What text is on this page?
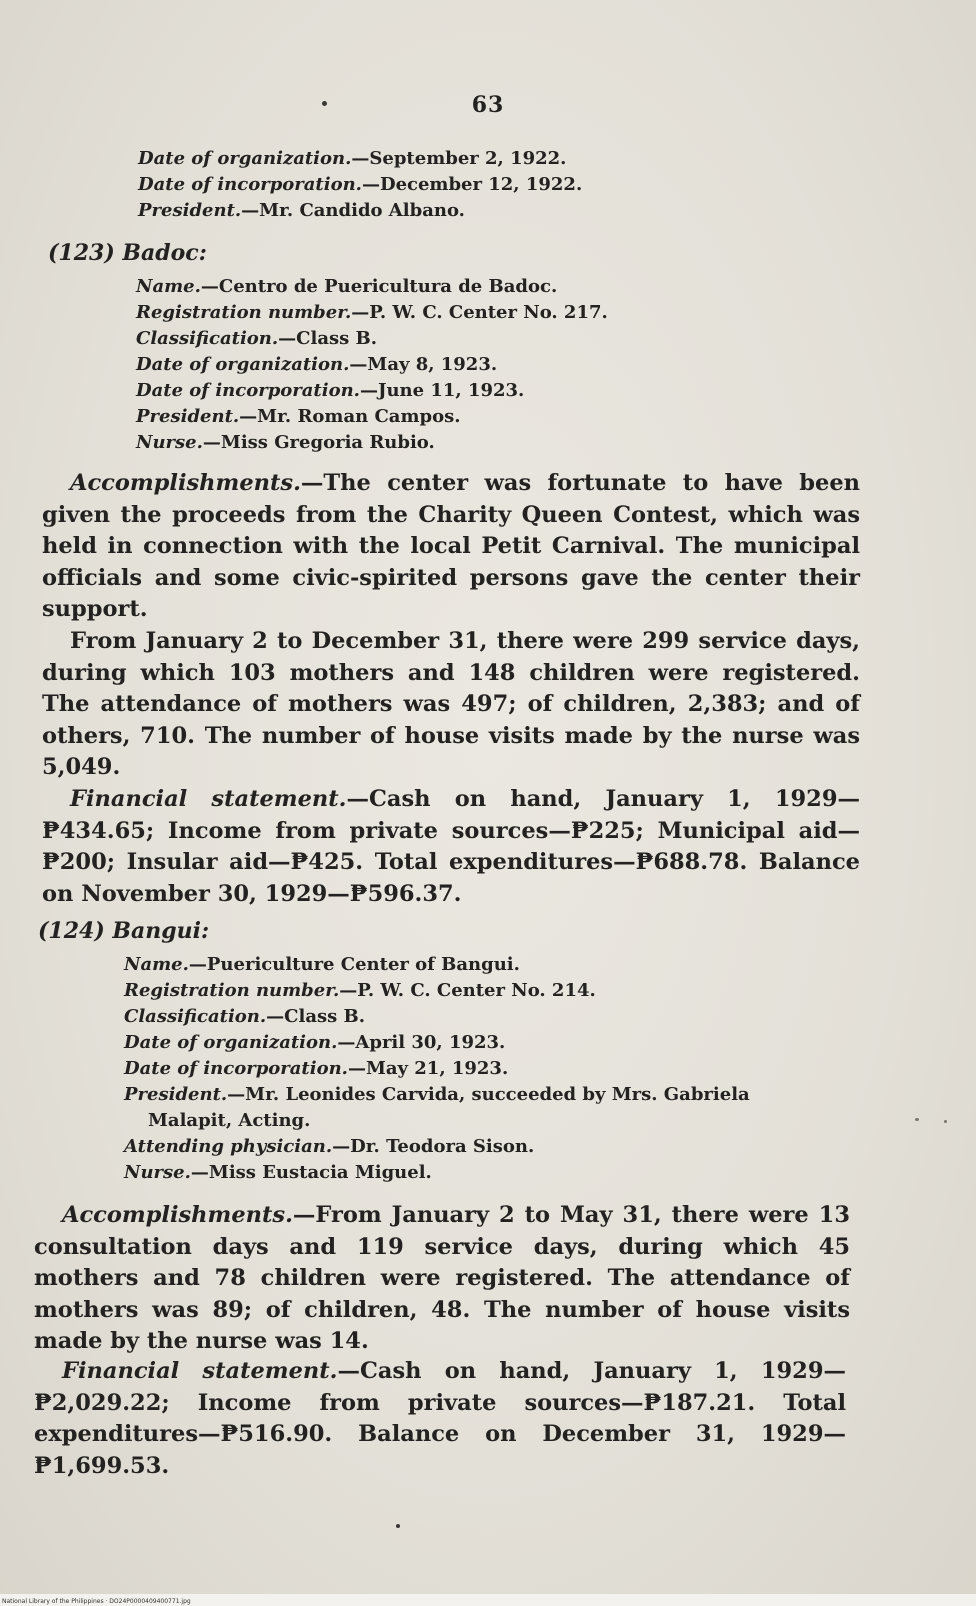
63
Date of organization.—September 2, 1922.
Date of incorporation.—December 12, 1922.
President.—Mr. Candido Albano.
(123) Badoc:
Name.—Centro de Puericultura de Badoc.
Registration number.—P. W. C. Center No. 217.
Classification.—Class B.
Date of organization.—May 8, 1923.
Date of incorporation.—June 11, 1923.
President.—Mr. Roman Campos.
Nurse.—Miss Gregoria Rubio.

Accomplishments.—The center was fortunate to have been given the proceeds from the Charity Queen Contest, which was held in connection with the local Petit Carnival. The municipal officials and some civic-spirited persons gave the center their support.

From January 2 to December 31, there were 299 service days, during which 103 mothers and 148 children were registered. The attendance of mothers was 497; of children, 2,383; and of others, 710. The number of house visits made by the nurse was 5,049.

Financial statement.—Cash on hand, January 1, 1929—₱434.65; Income from private sources—₱225; Municipal aid—₱200; Insular aid—₱425. Total expenditures—₱688.78. Balance on November 30, 1929—₱596.37.

(124) Bangui:
Name.—Puericulture Center of Bangui.
Registration number.—P. W. C. Center No. 214.
Classification.—Class B.
Date of organization.—April 30, 1923.
Date of incorporation.—May 21, 1923.
President.—Mr. Leonides Carvida, succeeded by Mrs. Gabriela
Malapit, Acting.
Attending physician.—Dr. Teodora Sison.
Nurse.—Miss Eustacia Miguel.

Accomplishments.—From January 2 to May 31, there were 13 consultation days and 119 service days, during which 45 mothers and 78 children were registered. The attendance of mothers was 89; of children, 48. The number of house visits made by the nurse was 14.

Financial statement.—Cash on hand, January 1, 1929—₱2,029.22; Income from private sources—₱187.21. Total expenditures—₱516.90. Balance on December 31, 1929—₱1,699.53.

National Library of the Philippines · DO24P0000409400771.jpg
